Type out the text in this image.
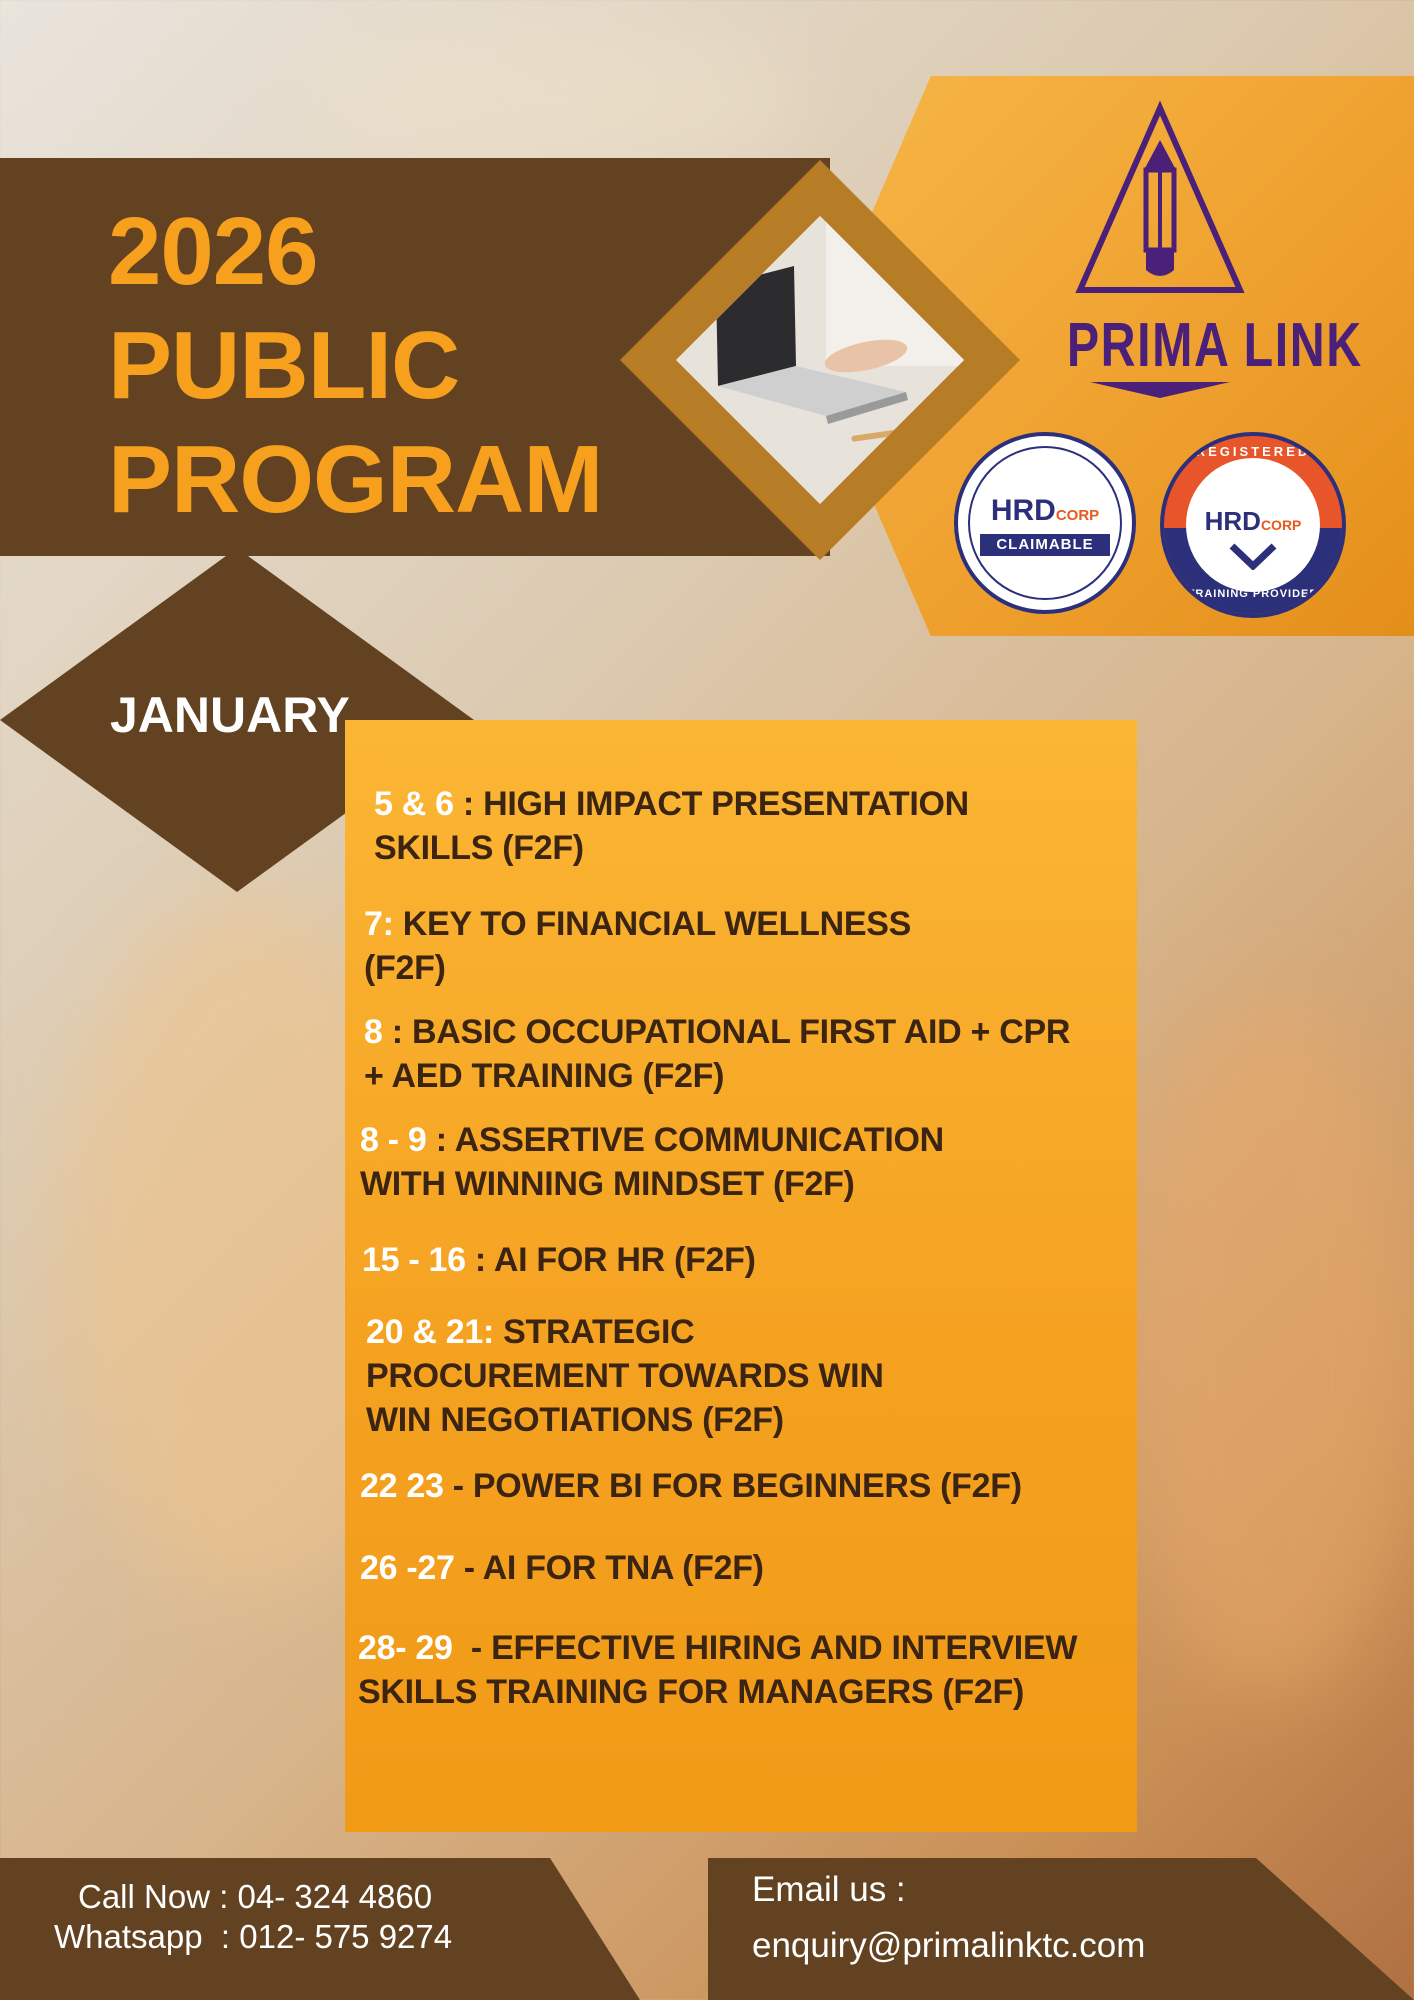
2026
PUBLIC
PROGRAM
PRIMA LINK
HRDCORP
CLAIMABLE
REGISTERED
HRDCORP
TRAINING PROVIDER
JANUARY
5 & 6 : HIGH IMPACT PRESENTATION
SKILLS (F2F)
7: KEY TO FINANCIAL WELLNESS
(F2F)
8 : BASIC OCCUPATIONAL FIRST AID + CPR
+ AED TRAINING (F2F)
8 - 9 : ASSERTIVE COMMUNICATION
WITH WINNING MINDSET (F2F)
15 - 16 : AI FOR HR (F2F)
20 & 21: STRATEGIC
PROCUREMENT TOWARDS WIN
WIN NEGOTIATIONS (F2F)
22 23 - POWER BI FOR BEGINNERS (F2F)
26 -27 - AI FOR TNA (F2F)
28- 29  - EFFECTIVE HIRING AND INTERVIEW
SKILLS TRAINING FOR MANAGERS (F2F)
Call Now : 04- 324 4860
Whatsapp  : 012- 575 9274
Email us :
enquiry@primalinktc.com
